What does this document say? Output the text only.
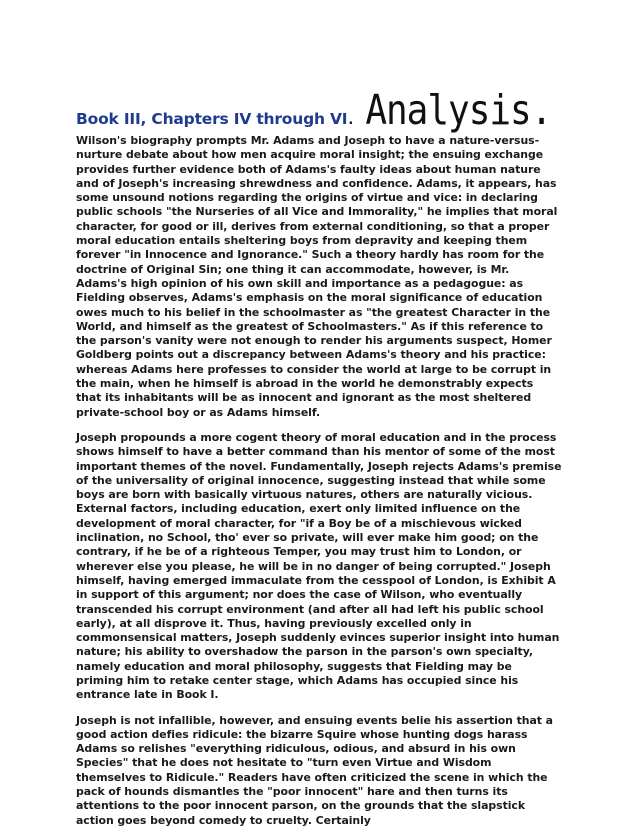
Book III, Chapters IV through VI . Analysis.

Wilson's biography prompts Mr. Adams and Joseph to have a nature-versus-nurture debate about how men acquire moral insight; the ensuing exchange provides further evidence both of Adams's faulty ideas about human nature and of Joseph's increasing shrewdness and confidence. Adams, it appears, has some unsound notions regarding the origins of virtue and vice: in declaring public schools "the Nurseries of all Vice and Immorality," he implies that moral character, for good or ill, derives from external conditioning, so that a proper moral education entails sheltering boys from depravity and keeping them forever "in Innocence and Ignorance." Such a theory hardly has room for the doctrine of Original Sin; one thing it can accommodate, however, is Mr. Adams's high opinion of his own skill and importance as a pedagogue: as Fielding observes, Adams's emphasis on the moral significance of education owes much to his belief in the schoolmaster as "the greatest Character in the World, and himself as the greatest of Schoolmasters." As if this reference to the parson's vanity were not enough to render his arguments suspect, Homer Goldberg points out a discrepancy between Adams's theory and his practice: whereas Adams here professes to consider the world at large to be corrupt in the main, when he himself is abroad in the world he demonstrably expects that its inhabitants will be as innocent and ignorant as the most sheltered private-school boy or as Adams himself.

Joseph propounds a more cogent theory of moral education and in the process shows himself to have a better command than his mentor of some of the most important themes of the novel. Fundamentally, Joseph rejects Adams's premise of the universality of original innocence, suggesting instead that while some boys are born with basically virtuous natures, others are naturally vicious. External factors, including education, exert only limited influence on the development of moral character, for "if a Boy be of a mischievous wicked inclination, no School, tho' ever so private, will ever make him good; on the contrary, if he be of a righteous Temper, you may trust him to London, or wherever else you please, he will be in no danger of being corrupted." Joseph himself, having emerged immaculate from the cesspool of London, is Exhibit A in support of this argument; nor does the case of Wilson, who eventually transcended his corrupt environment (and after all had left his public school early), at all disprove it. Thus, having previously excelled only in commonsensical matters, Joseph suddenly evinces superior insight into human nature; his ability to overshadow the parson in the parson's own specialty, namely education and moral philosophy, suggests that Fielding may be priming him to retake center stage, which Adams has occupied since his entrance late in Book I.

Joseph is not infallible, however, and ensuing events belie his assertion that a good action defies ridicule: the bizarre Squire whose hunting dogs harass Adams so relishes "everything ridiculous, odious, and absurd in his own Species" that he does not hesitate to "turn even Virtue and Wisdom themselves to Ridicule." Readers have often criticized the scene in which the pack of hounds dismantles the "poor innocent" hare and then turns its attentions to the poor innocent parson, on the grounds that the slapstick action goes beyond comedy to cruelty. Certainly
